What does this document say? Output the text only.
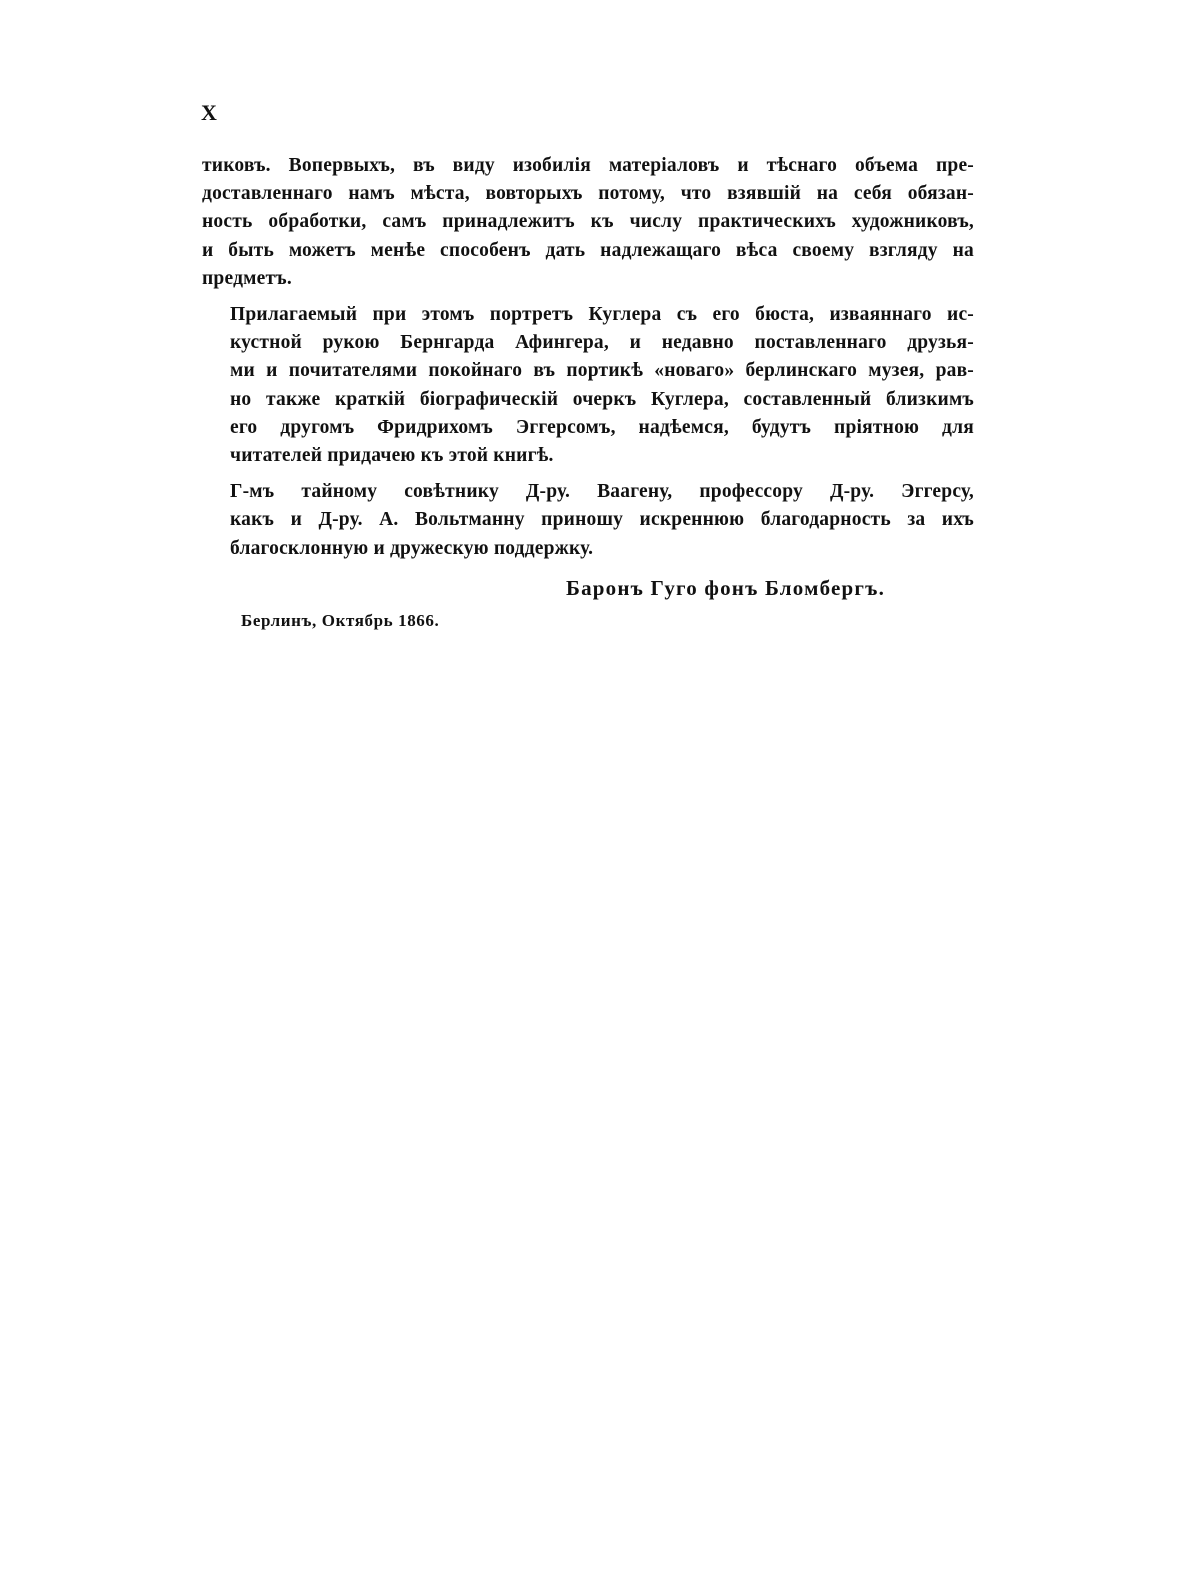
X

тиковъ. Вопервыхъ, въ виду изобилія матеріаловъ и тѣснаго объема пре-
доставленнаго намъ мѣста, вовторыхъ потому, что взявшій на себя обязан-
ность обработки, самъ принадлежитъ къ числу практическихъ художниковъ,
и быть можетъ менѣе способенъ дать надлежащаго вѣса своему взгляду на
предметъ.

Прилагаемый при этомъ портретъ Куглера съ его бюста, изваяннаго ис-
кустной рукою Бернгарда Афингера, и недавно поставленнаго друзья-
ми и почитателями покойнаго въ портикѣ «новаго» берлинскаго музея, рав-
но также краткій біографическій очеркъ Куглера, составленный близкимъ
его другомъ Фридрихомъ Эггерсомъ, надѣемся, будутъ пріятною для
читателей придачею къ этой книгѣ.

Г-мъ тайному совѣтнику Д-ру. Ваагену, профессору Д-ру. Эггерсу,
какъ и Д-ру. А. Вольтманну приношу искреннюю благодарность за ихъ
благосклонную и дружескую поддержку.

Баронъ Гуго фонъ Бломбергъ.
Берлинъ, Октябрь 1866.
